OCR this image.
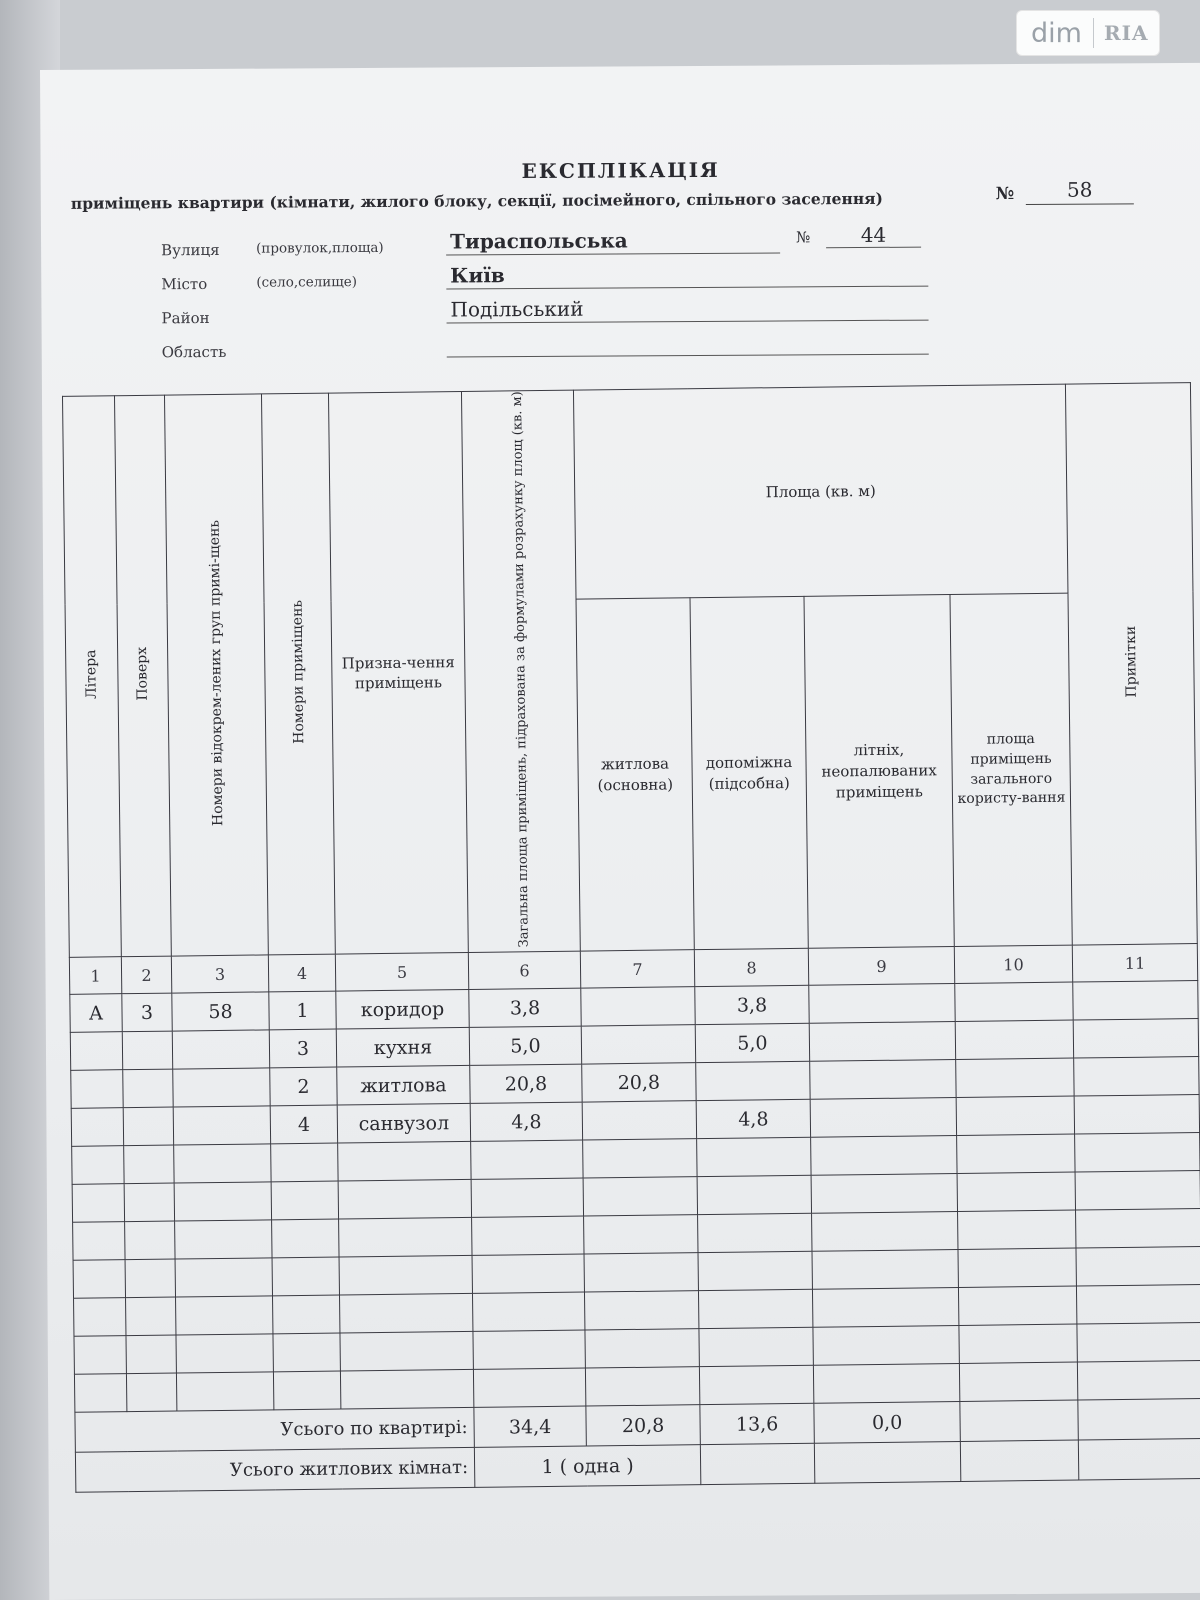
ЕКСПЛІКАЦІЯ
приміщень квартири (кімнати, жилого блоку, секції, посімейного, спільного заселення)	№	58
Вулиця	(провулок,площа)	Тираспольська	№	44
Місто	(село,селище)	Київ
Район	Подільський
Область
Літера	Поверх	Номери відокрем-лених груп примі-щень	Номери приміщень	Призна-чення приміщень	Загальна площа приміщень, підрахована за формулами розрахунку площ (кв. м)	Площа (кв. м)				Примітки
						житлова (основна)	допоміжна (підсобна)	літніх, неопалюваних приміщень	площа приміщень загального користу-вання	
1	2	3	4	5	6	7	8	9	10	11
А	3	58	1	коридор	3,8		3,8			
			3	кухня	5,0		5,0			
			2	житлова	20,8	20,8				
			4	санвузол	4,8		4,8			

Усього по квартирі:					34,4	20,8	13,6	0,0		
Усього житлових кімнат:					1 ( одна )					
dim	RIA
